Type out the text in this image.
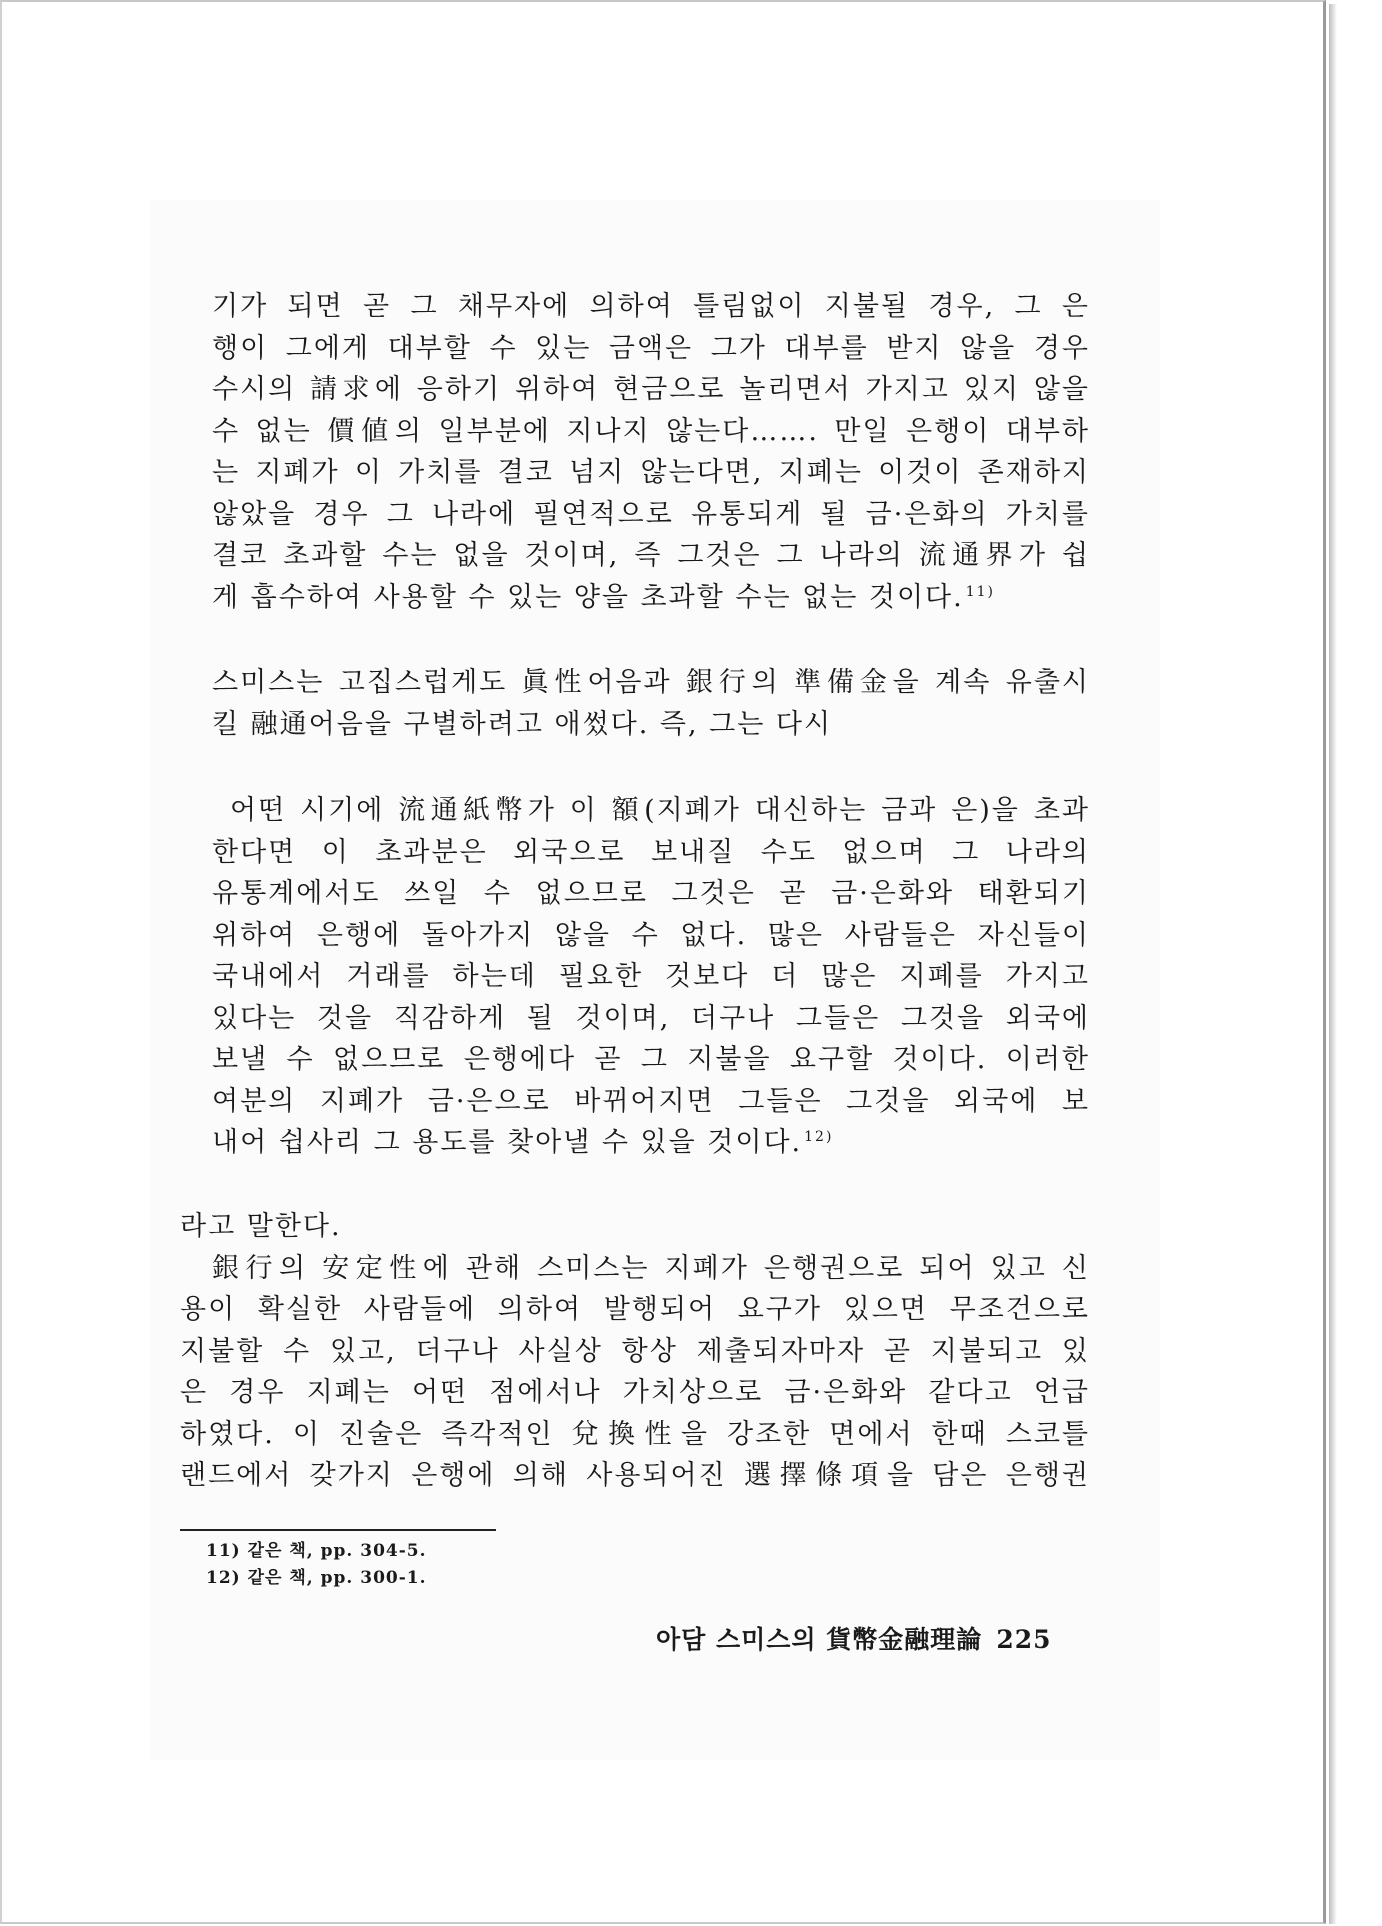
기가 되면 곧 그 채무자에 의하여 틀림없이 지불될 경우, 그 은
행이 그에게 대부할 수 있는 금액은 그가 대부를 받지 않을 경우
수시의 請求에 응하기 위하여 현금으로 놀리면서 가지고 있지 않을
수 없는 價値의 일부분에 지나지 않는다……. 만일 은행이 대부하
는 지폐가 이 가치를 결코 넘지 않는다면, 지폐는 이것이 존재하지
않았을 경우 그 나라에 필연적으로 유통되게 될 금·은화의 가치를
결코 초과할 수는 없을 것이며, 즉 그것은 그 나라의 流通界가 쉽
게 흡수하여 사용할 수 있는 양을 초과할 수는 없는 것이다. $^{11)}$
스미스는 고집스럽게도 眞性어음과 銀行의 準備金을 계속 유출시
킬 融通어음을 구별하려고 애썼다. 즉, 그는 다시
어떤 시기에 流通紙幣가 이 額(지폐가 대신하는 금과 은)을 초과
한다면 이 초과분은 외국으로 보내질 수도 없으며 그 나라의
유통계에서도 쓰일 수 없으므로 그것은 곧 금·은화와 태환되기
위하여 은행에 돌아가지 않을 수 없다. 많은 사람들은 자신들이
국내에서 거래를 하는데 필요한 것보다 더 많은 지폐를 가지고
있다는 것을 직감하게 될 것이며, 더구나 그들은 그것을 외국에
보낼 수 없으므로 은행에다 곧 그 지불을 요구할 것이다. 이러한
여분의 지폐가 금·은으로 바뀌어지면 그들은 그것을 외국에 보
내어 쉽사리 그 용도를 찾아낼 수 있을 것이다. $^{12)}$
라고 말한다.
銀行의 安定性에 관해 스미스는 지폐가 은행권으로 되어 있고 신
용이 확실한 사람들에 의하여 발행되어 요구가 있으면 무조건으로
지불할 수 있고, 더구나 사실상 항상 제출되자마자 곧 지불되고 있
은 경우 지폐는 어떤 점에서나 가치상으로 금·은화와 같다고 언급
하였다. 이 진술은 즉각적인 兌換性을 강조한 면에서 한때 스코틀
랜드에서 갖가지 은행에 의해 사용되어진 選擇條項을 담은 은행권
11) 같은 책, pp. 304-5.
12) 같은 책, pp. 300-1.
아담 스미스의 貨幣金融理論 225
